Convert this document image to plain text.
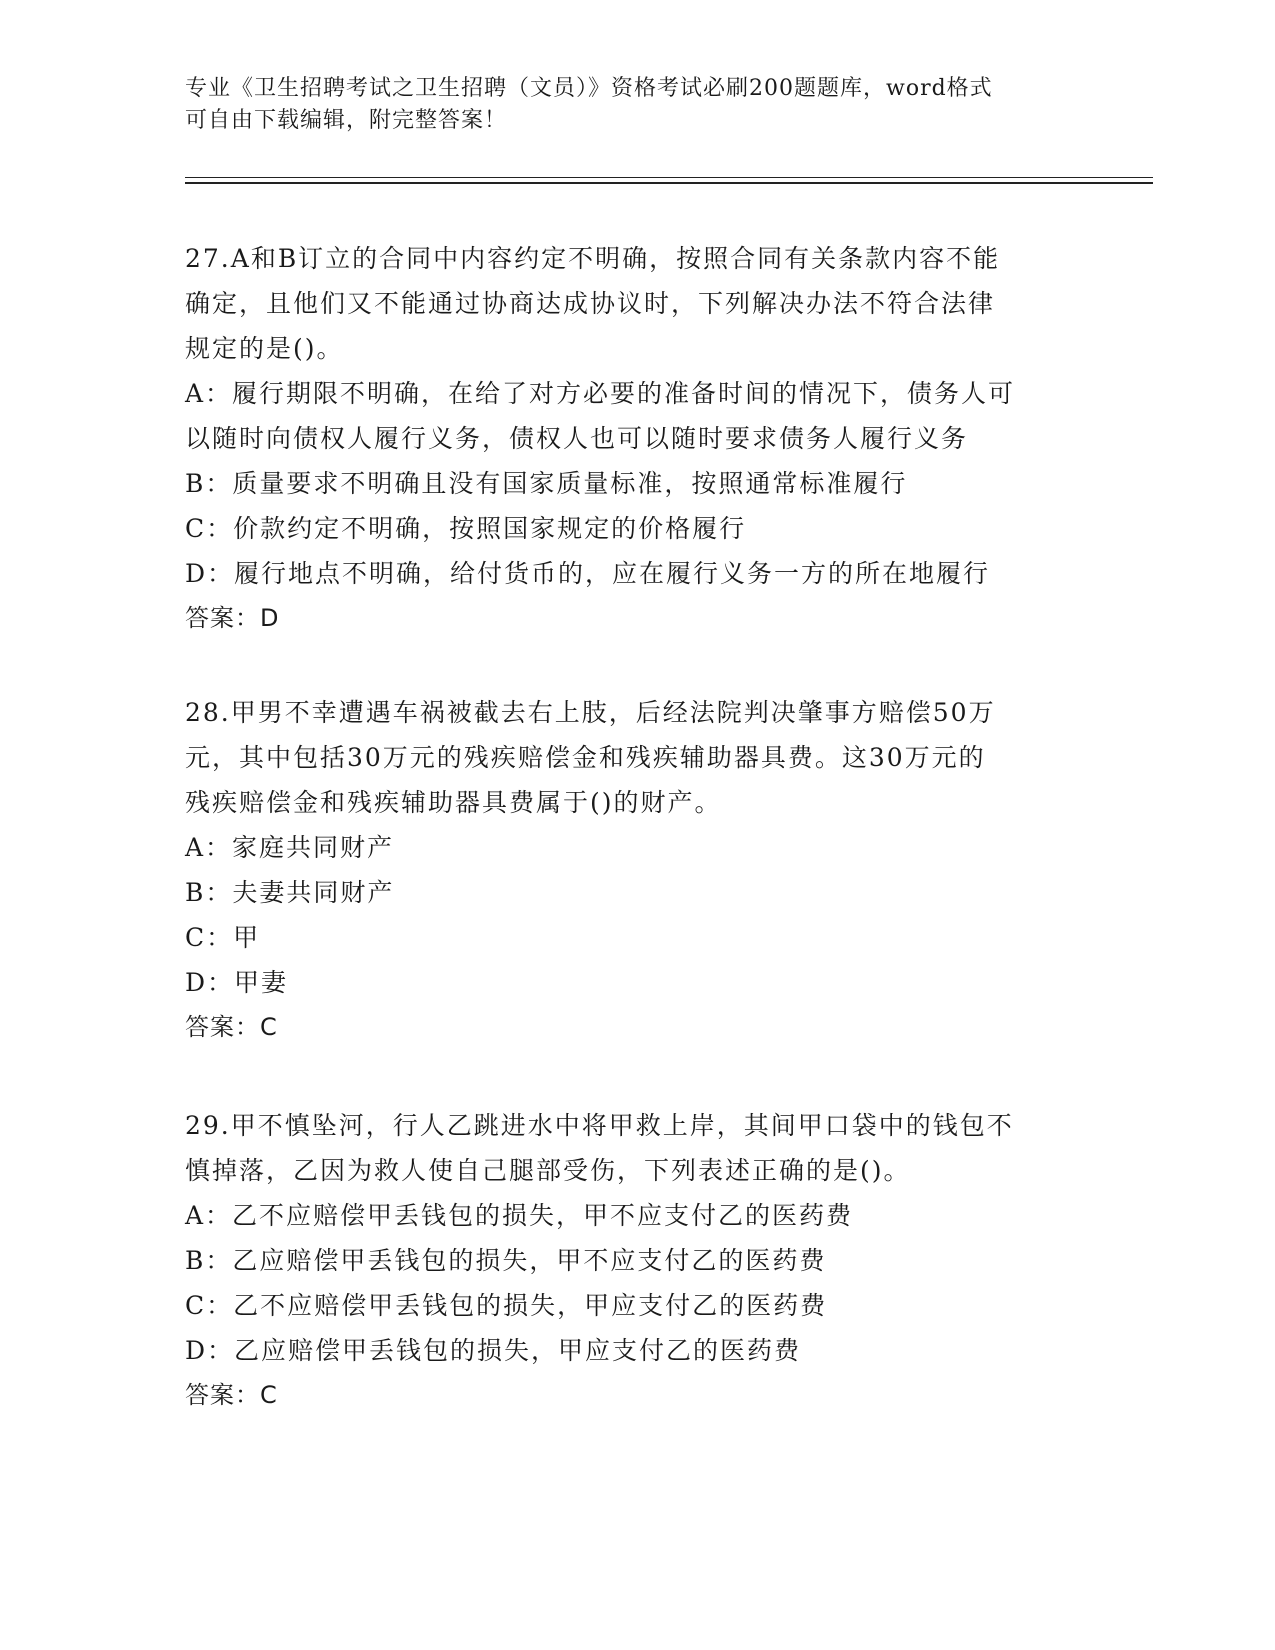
专业《卫生招聘考试之卫生招聘（文员）》资格考试必刷200题题库，word格式
可自由下载编辑，附完整答案！
27.A和B订立的合同中内容约定不明确，按照合同有关条款内容不能
确定，且他们又不能通过协商达成协议时，下列解决办法不符合法律
规定的是()。
A：履行期限不明确，在给了对方必要的准备时间的情况下，债务人可
以随时向债权人履行义务，债权人也可以随时要求债务人履行义务
B：质量要求不明确且没有国家质量标准，按照通常标准履行
C：价款约定不明确，按照国家规定的价格履行
D：履行地点不明确，给付货币的，应在履行义务一方的所在地履行
答案：D
28.甲男不幸遭遇车祸被截去右上肢，后经法院判决肇事方赔偿50万
元，其中包括30万元的残疾赔偿金和残疾辅助器具费。这30万元的
残疾赔偿金和残疾辅助器具费属于()的财产。
A：家庭共同财产
B：夫妻共同财产
C：甲
D：甲妻
答案：C
29.甲不慎坠河，行人乙跳进水中将甲救上岸，其间甲口袋中的钱包不
慎掉落，乙因为救人使自己腿部受伤，下列表述正确的是()。
A：乙不应赔偿甲丢钱包的损失，甲不应支付乙的医药费
B：乙应赔偿甲丢钱包的损失，甲不应支付乙的医药费
C：乙不应赔偿甲丢钱包的损失，甲应支付乙的医药费
D：乙应赔偿甲丢钱包的损失，甲应支付乙的医药费
答案：C
